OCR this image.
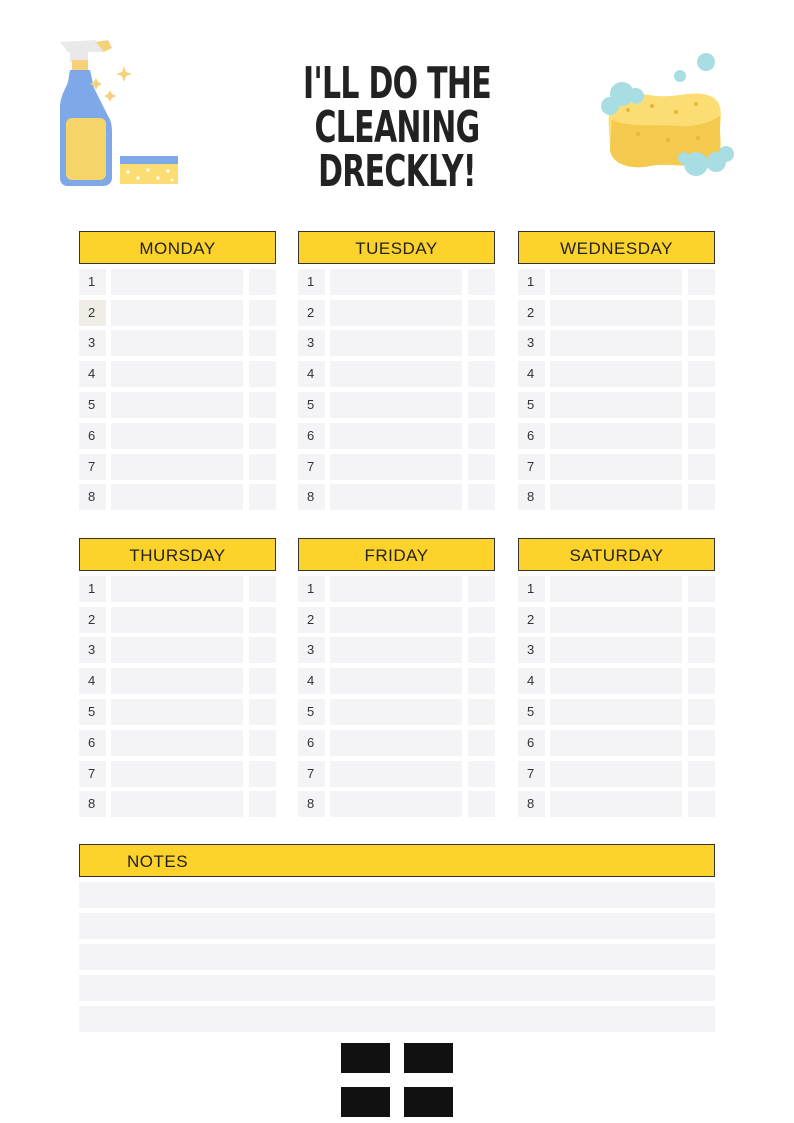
I'LL DO THE CLEANING
DRECKLY!
MONDAY
1
2
3
4
5
6
7
8
TUESDAY
1
2
3
4
5
6
7
8
WEDNESDAY
1
2
3
4
5
6
7
8
THURSDAY
1
2
3
4
5
6
7
8
FRIDAY
1
2
3
4
5
6
7
8
SATURDAY
1
2
3
4
5
6
7
8
NOTES
